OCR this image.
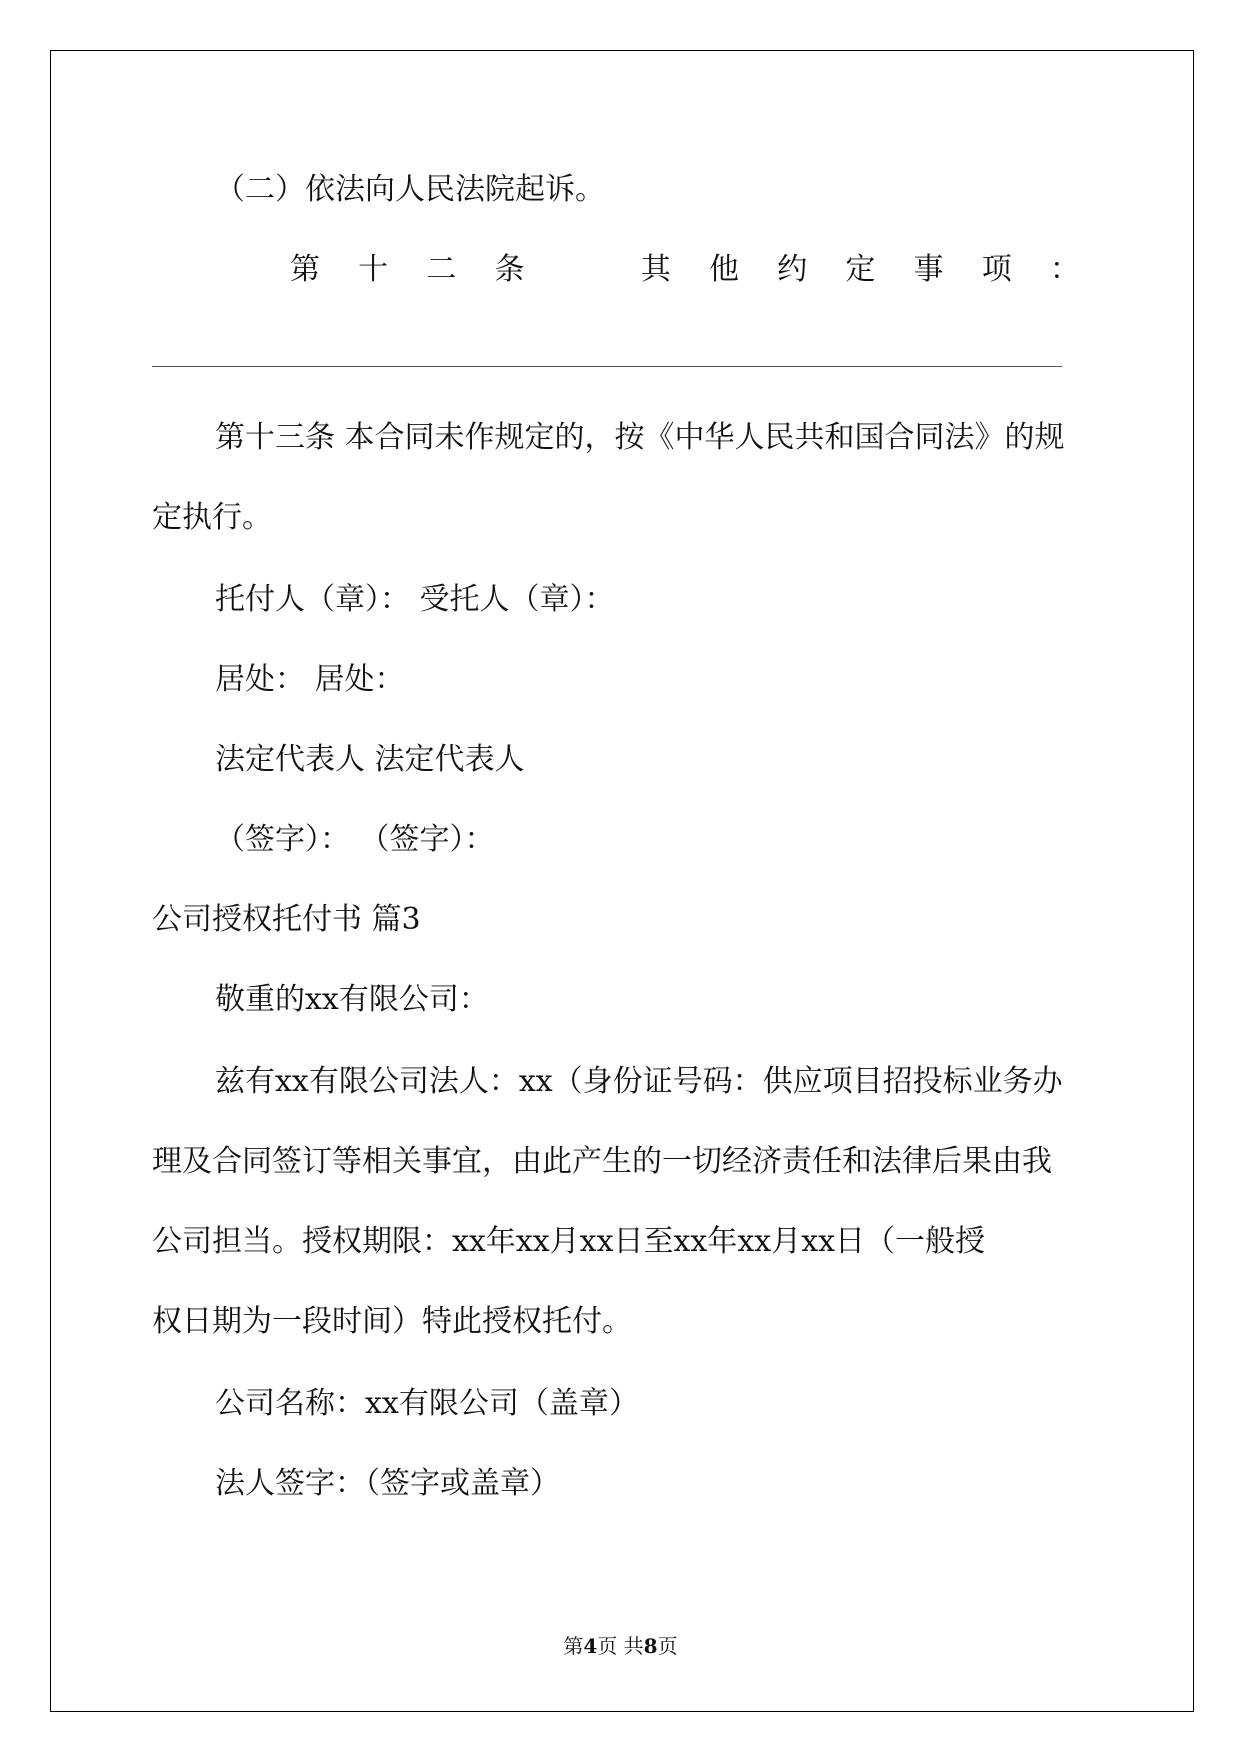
（二）依法向人民法院起诉。

第 十 二 条	其 他 约 定 事 项 ：

第十三条 本合同未作规定的，按《中华人民共和国合同法》的规

定执行。

托付人（章）： 受托人（章）：

居处： 居处：

法定代表人 法定代表人

（签字）： （签字）：

公司授权托付书 篇3

敬重的xx有限公司：

兹有xx有限公司法人：xx（身份证号码：供应项目招投标业务办

理及合同签订等相关事宜，由此产生的一切经济责任和法律后果由我

公司担当。授权期限：xx年xx月xx日至xx年xx月xx日（一般授

权日期为一段时间）特此授权托付。

公司名称：xx有限公司（盖章）

法人签字：（签字或盖章）

第4页 共8页
